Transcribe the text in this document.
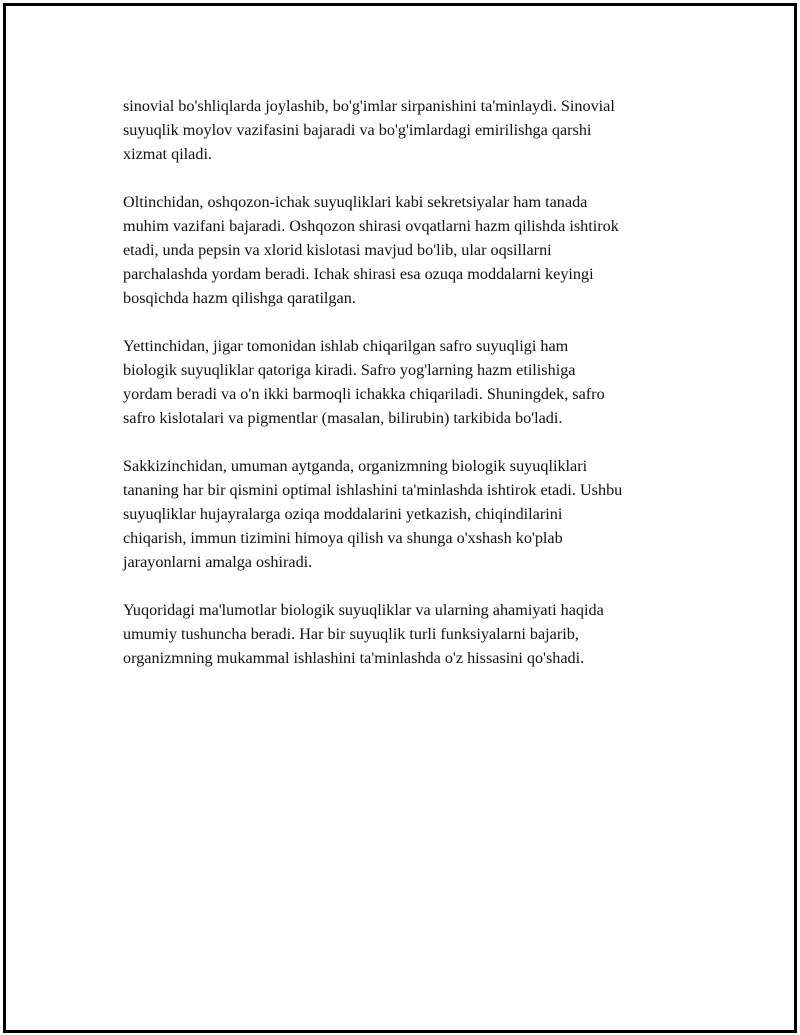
sinovial bo'shliqlarda joylashib, bo'g'imlar sirpanishini ta'minlaydi. Sinovial
suyuqlik moylov vazifasini bajaradi va bo'g'imlardagi emirilishga qarshi
xizmat qiladi.

Oltinchidan, oshqozon-ichak suyuqliklari kabi sekretsiyalar ham tanada
muhim vazifani bajaradi. Oshqozon shirasi ovqatlarni hazm qilishda ishtirok
etadi, unda pepsin va xlorid kislotasi mavjud bo'lib, ular oqsillarni
parchalashda yordam beradi. Ichak shirasi esa ozuqa moddalarni keyingi
bosqichda hazm qilishga qaratilgan.

Yettinchidan, jigar tomonidan ishlab chiqarilgan safro suyuqligi ham
biologik suyuqliklar qatoriga kiradi. Safro yog'larning hazm etilishiga
yordam beradi va o'n ikki barmoqli ichakka chiqariladi. Shuningdek, safro
safro kislotalari va pigmentlar (masalan, bilirubin) tarkibida bo'ladi.

Sakkizinchidan, umuman aytganda, organizmning biologik suyuqliklari
tananing har bir qismini optimal ishlashini ta'minlashda ishtirok etadi. Ushbu
suyuqliklar hujayralarga oziqa moddalarini yetkazish, chiqindilarini
chiqarish, immun tizimini himoya qilish va shunga o'xshash ko'plab
jarayonlarni amalga oshiradi.

Yuqoridagi ma'lumotlar biologik suyuqliklar va ularning ahamiyati haqida
umumiy tushuncha beradi. Har bir suyuqlik turli funksiyalarni bajarib,
organizmning mukammal ishlashini ta'minlashda o'z hissasini qo'shadi.
